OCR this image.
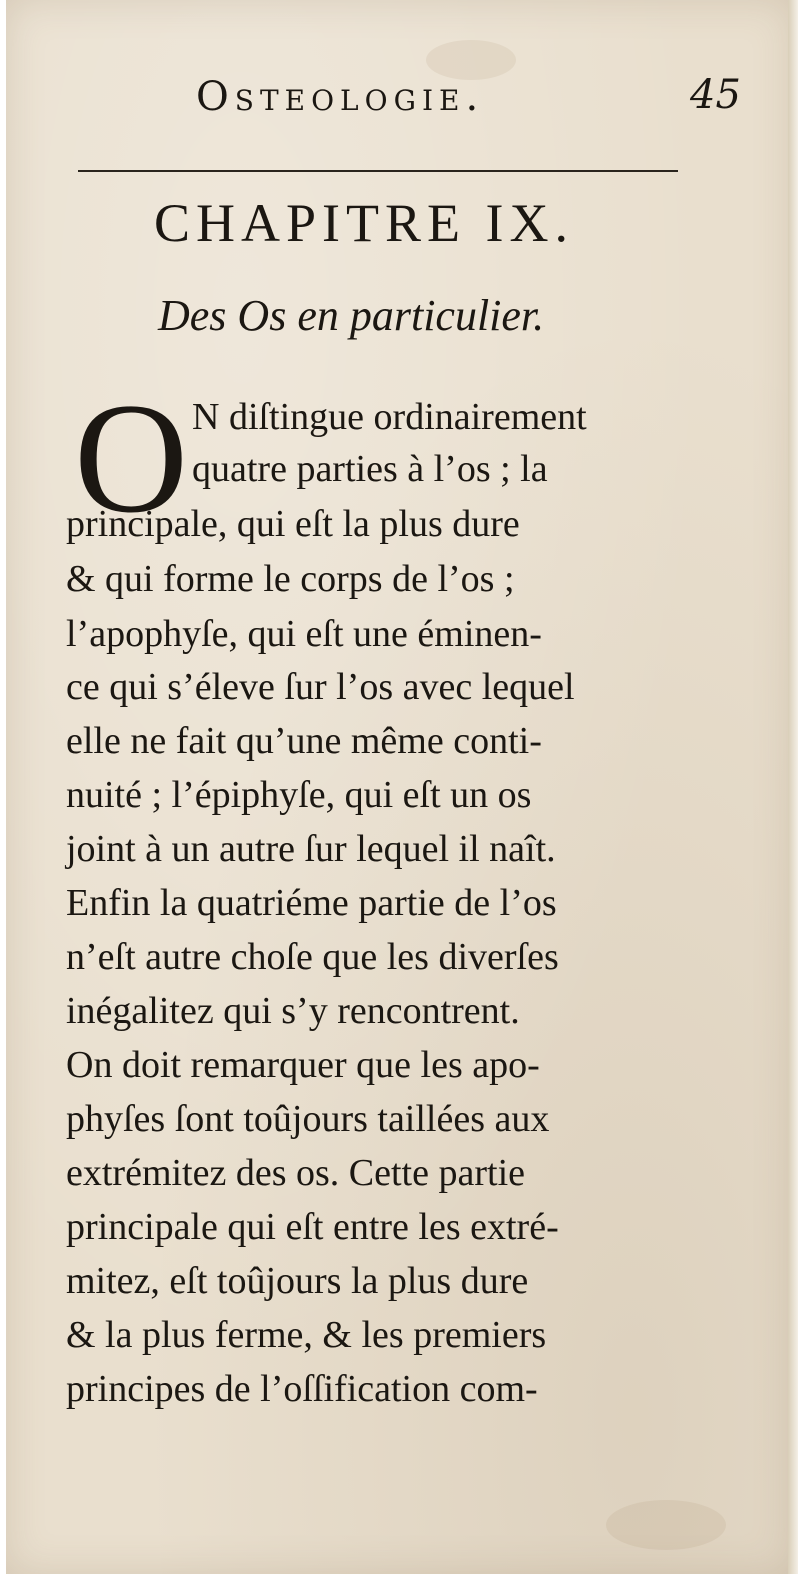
Osteologie.	45
CHAPITRE IX.
Des Os en particulier.
O N diſtingue ordinairement
quatre parties à l’os ; la
principale, qui eſt la plus dure
& qui forme le corps de l’os ;
l’apophyſe, qui eſt une éminen-
ce qui s’éleve ſur l’os avec lequel
elle ne fait qu’une même conti-
nuité ; l’épiphyſe, qui eſt un os
joint à un autre ſur lequel il naît.
Enfin la quatriéme partie de l’os
n’eſt autre choſe que les diverſes
inégalitez qui s’y rencontrent.
On doit remarquer que les apo-
phyſes ſont toûjours taillées aux
extrémitez des os. Cette partie
principale qui eſt entre les extré-
mitez, eſt toûjours la plus dure
& la plus ferme, & les premiers
principes de l’oſſification com-
